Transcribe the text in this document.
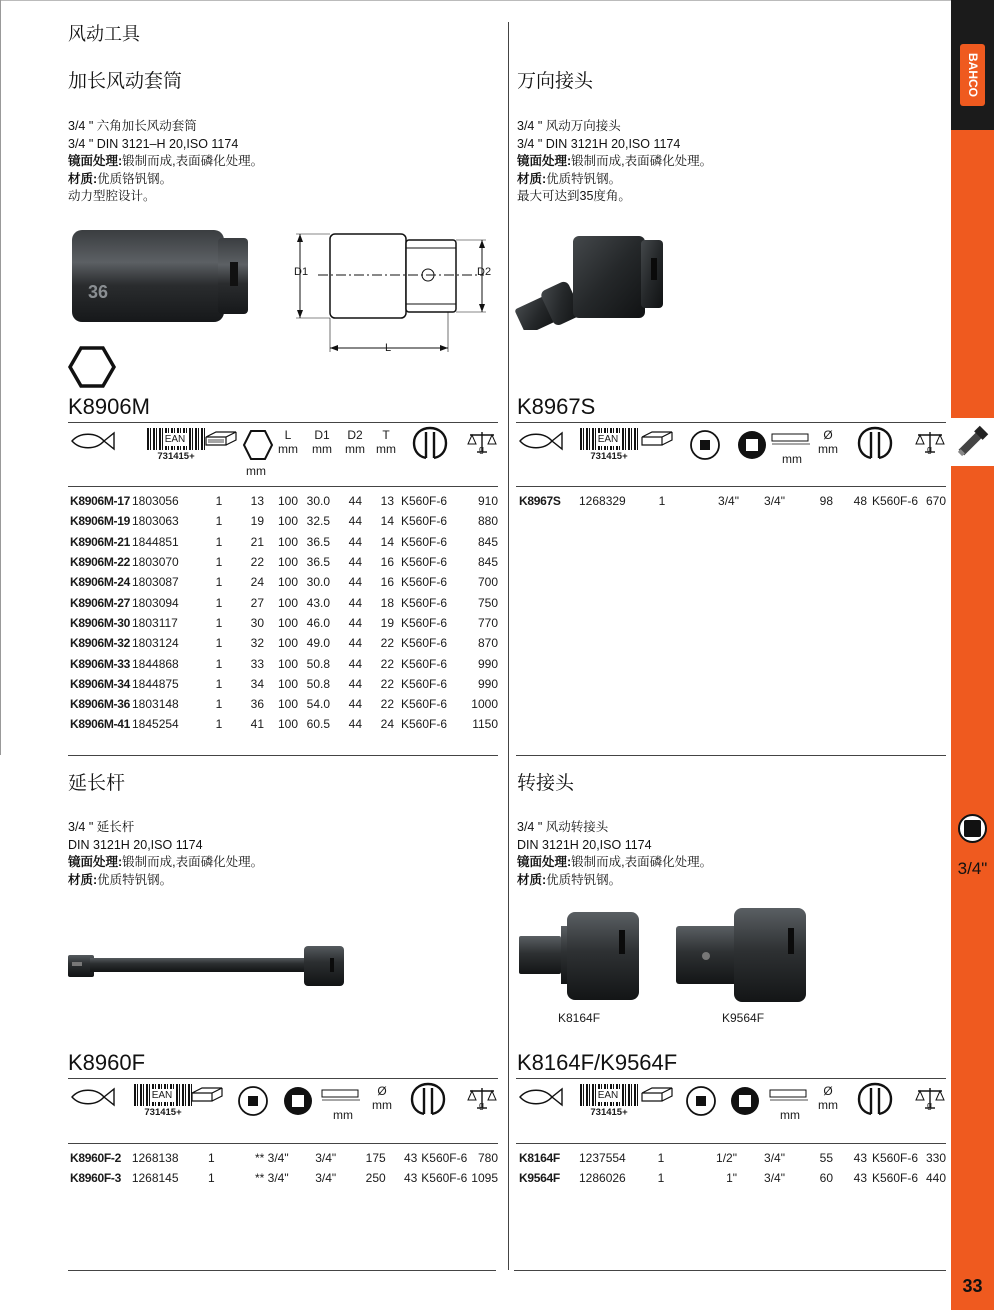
BAHCO
3/4"
33
风动工具
加长风动套筒
3/4 " 六角加长风动套筒
3/4 " DIN 3121–H 20,ISO 1174
镜面处理:锻制而成,表面磷化处理。
材质:优质铬钒钢。
动力型腔设计。
36
D1	D2
L
K8906M
EAN
731415+
mm
L
mm
D1
mm
D2
mm
T
mm	g
K8906M-17	1803056	1	13	100	30.0	44	13	K560F-6	910
K8906M-19	1803063	1	19	100	32.5	44	14	K560F-6	880
K8906M-21	1844851	1	21	100	36.5	44	14	K560F-6	845
K8906M-22	1803070	1	22	100	36.5	44	16	K560F-6	845
K8906M-24	1803087	1	24	100	30.0	44	16	K560F-6	700
K8906M-27	1803094	1	27	100	43.0	44	18	K560F-6	750
K8906M-30	1803117	1	30	100	46.0	44	19	K560F-6	770
K8906M-32	1803124	1	32	100	49.0	44	22	K560F-6	870
K8906M-33	1844868	1	33	100	50.8	44	22	K560F-6	990
K8906M-34	1844875	1	34	100	50.8	44	22	K560F-6	990
K8906M-36	1803148	1	36	100	54.0	44	22	K560F-6	1000
K8906M-41	1845254	1	41	100	60.5	44	24	K560F-6	1150
万向接头
3/4 " 风动万向接头
3/4 " DIN 3121H 20,ISO 1174
镜面处理:锻制而成,表面磷化处理。
材质:优质特钒钢。
最大可达到35度角。
K8967S
EAN
731415+	mm
Ø
mm	g
K8967S	1268329	1	3/4"	3/4"	98	48	K560F-6	670
延长杆
3/4 " 延长杆
DIN 3121H 20,ISO 1174
镜面处理:锻制而成,表面磷化处理。
材质:优质特钒钢。
K8960F
EAN
731415+	mm
Ø
mm	g
K8960F-2	1268138	1	** 3/4"	3/4"	175	43	K560F-6	780
K8960F-3	1268145	1	** 3/4"	3/4"	250	43	K560F-6	1095
转接头
3/4 " 风动转接头
DIN 3121H 20,ISO 1174
镜面处理:锻制而成,表面磷化处理。
材质:优质特钒钢。
K8164F	K9564F
K8164F/K9564F
EAN
731415+	mm
Ø
mm	g
K8164F	1237554	1	1/2"	3/4"	55	43	K560F-6	330
K9564F	1286026	1	1"	3/4"	60	43	K560F-6	440
